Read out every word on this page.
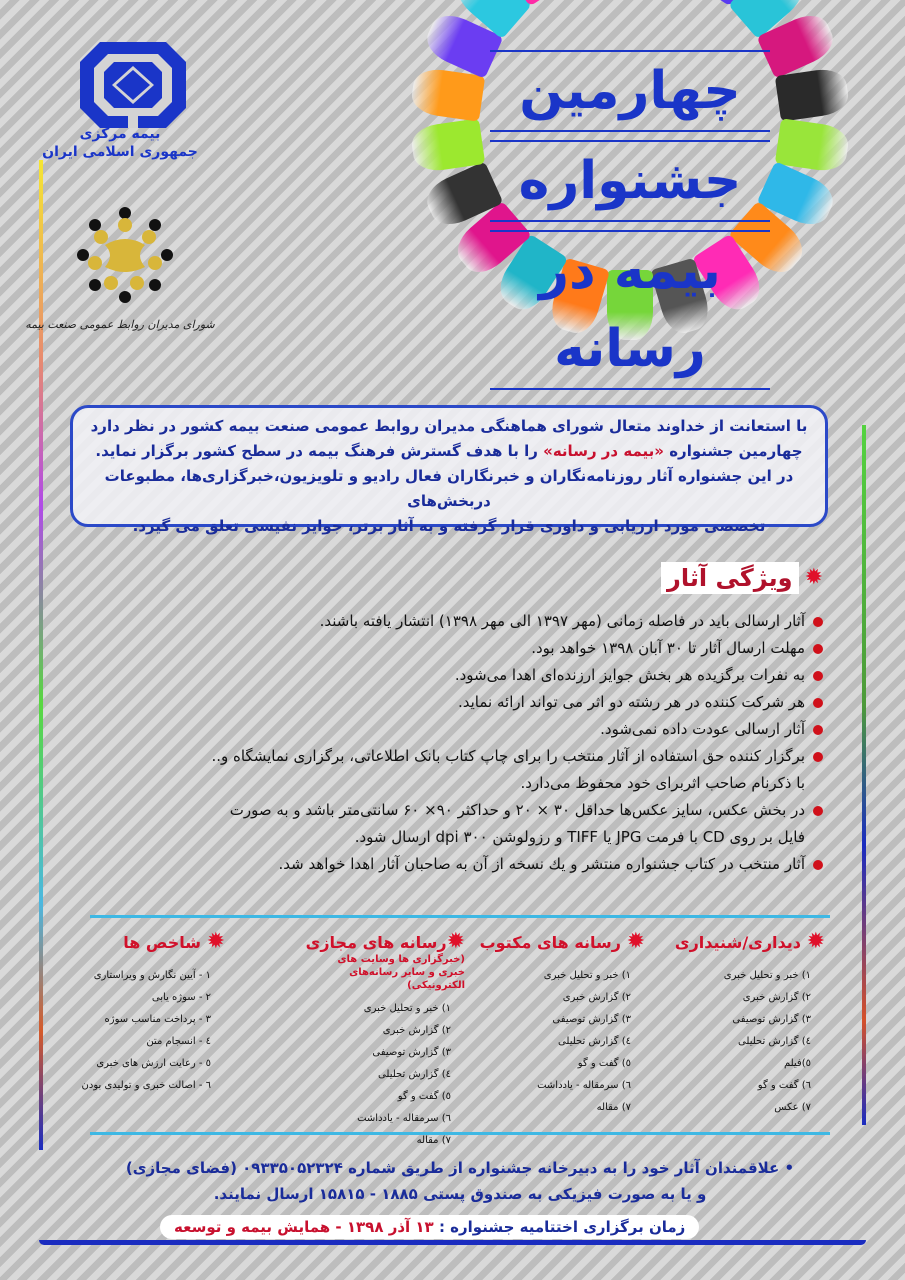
بیمه مرکزی
جمهوری اسلامی ایران
شورای مدیران روابط عمومی صنعت بیمه
چهارمین
جشنواره
بیمه در رسانه
با استعانت از خداوند متعال شورای هماهنگی مدیران روابط عمومی صنعت بیمه کشور در نظر دارد
چهارمین جشنواره «بیمه در رسانه» را با هدف گسترش فرهنگ بیمه در سطح کشور برگزار نماید.
در این جشنواره آثار روزنامه‌نگاران و خبرنگاران فعال رادیو و تلویزیون،خبرگزاری‌ها، مطبوعات دربخش‌های
تخصصی مورد ارزیابی و داوری قرار گرفته و به آثار برتر، جوایز نفیسی تعلق می گیرد.
✹
ویژگی آثار
آثار ارسالی باید در فاصله زمانی (مهر ۱۳۹۷ الی مهر ۱۳۹۸) انتشار یافته باشند.
مهلت ارسال آثار تا ۳۰ آبان ۱۳۹۸ خواهد بود.
به نفرات برگزیده هر بخش جوایز ارزنده‌ای اهدا می‌شود.
هر شرکت کننده در هر رشته دو اثر می تواند ارائه نماید.
آثار ارسالی عودت داده نمی‌شود.
برگزار کننده حق استفاده از آثار منتخب را برای چاپ کتاب بانک اطلاعاتی، برگزاری نمایشگاه و.. با ذکرنام صاحب اثربرای خود محفوظ می‌دارد.
در بخش عکس، سایز عکس‌ها حداقل ۳۰ × ۲۰ و حداکثر ۹۰× ۶۰ سانتی‌متر باشد و به صورت فایل بر روی CD با فرمت JPG یا TIFF و رزولوشن ۳۰۰ dpi ارسال شود.
آثار منتخب در کتاب جشنواره منتشر و یك نسخه از آن به صاحبان آثار اهدا خواهد شد.
✹ دیداری/شنیداری
۱) خبر و تحلیل خبری
۲) گزارش خبری
۳) گزارش توصیفی
٤) گزارش تحلیلی
٥)فیلم
٦) گفت و گو
۷) عکس
✹ رسانه های مکتوب
۱) خبر و تحلیل خبری
۲) گزارش خبری
۳) گزارش توصیفی
٤) گزارش تحلیلی
٥) گفت و گو
٦) سرمقاله - یادداشت
۷) مقاله
✹رسانه های مجازی
(خبرگزاری ها وسایت های خبری و سایر رسانه‌های الکترونیکی)
۱) خبر و تحلیل خبری
۲) گزارش خبری
۳) گزارش توصیفی
٤) گزارش تحلیلی
٥) گفت و گو
٦) سرمقاله - یادداشت
۷) مقاله
✹ شاخص ها
۱ - آیین نگارش و ویراستاری
۲ - سوژه یابی
۳ - پرداخت مناسب سوژه
٤ - انسجام متن
٥ - رعایت ارزش های خبری
٦ - اصالت خبری و تولیدی بودن
• علاقمندان آثار خود را به دبیرخانه جشنواره از طریق شماره ۰۹۳۳۵۰۵۲۳۲۴ (فضای مجازی)
و یا به صورت فیزیکی به صندوق پستی ۱۸۸۵ - ۱۵۸۱۵ ارسال نمایند.
زمان برگزاری اختتامیه جشنواره : ۱۳ آذر ۱۳۹۸ - همایش بیمه و توسعه
